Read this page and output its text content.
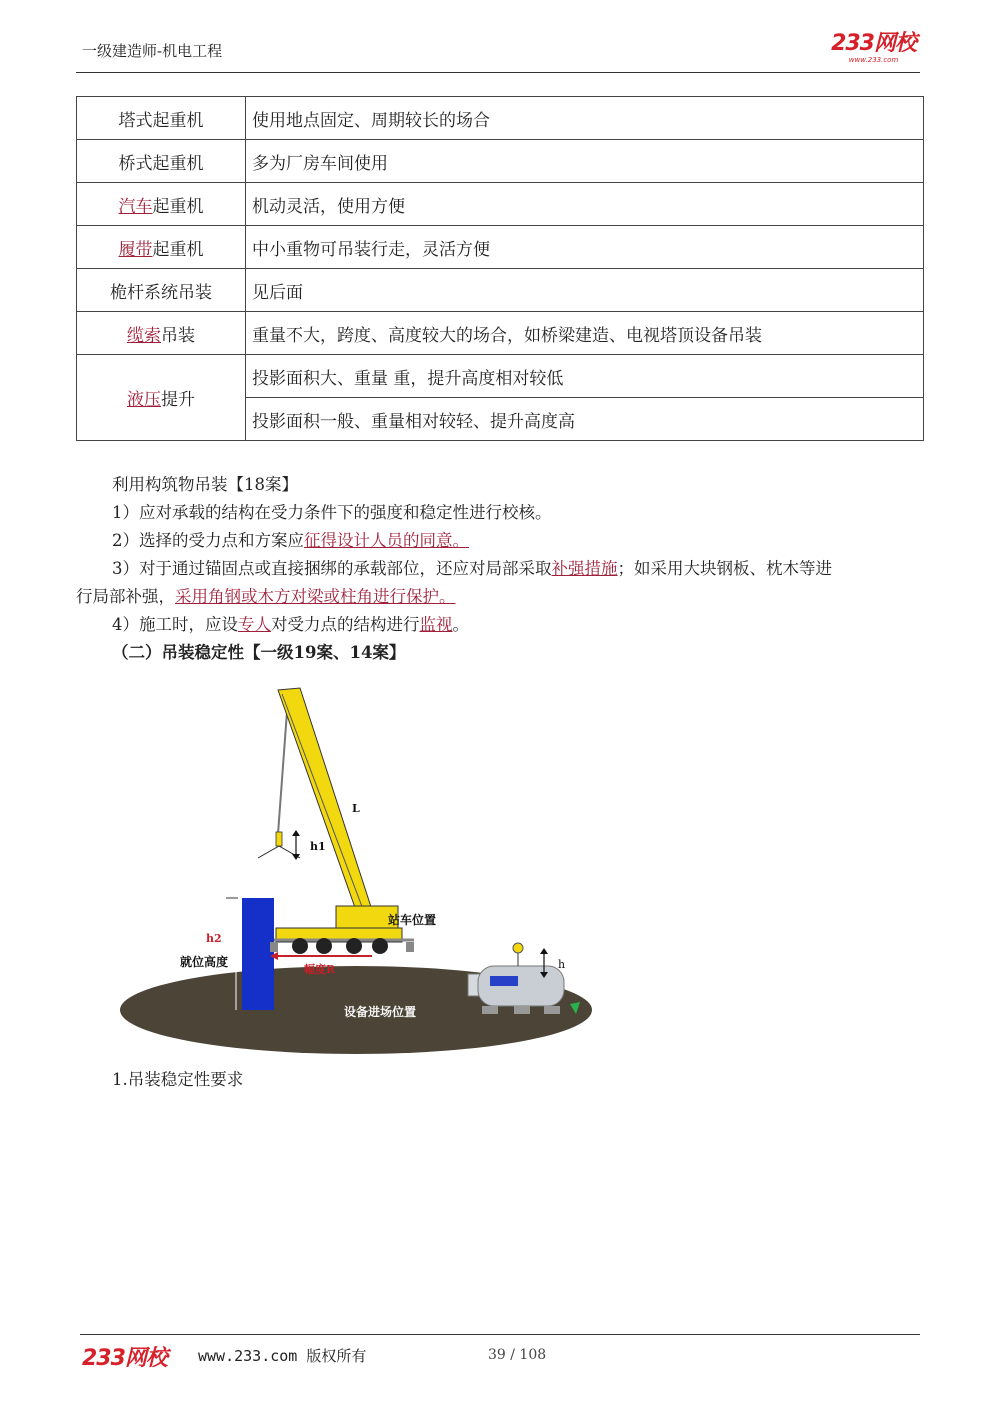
一级建造师-机电工程	233网校
www.233.com
塔式起重机	使用地点固定、周期较长的场合
桥式起重机	多为厂房车间使用
汽车起重机	机动灵活，使用方便
履带起重机	中小重物可吊装行走，灵活方便
桅杆系统吊装	见后面
缆索吊装	重量不大，跨度、高度较大的场合，如桥梁建造、电视塔顶设备吊装
液压提升	投影面积大、重量 重，提升高度相对较低
	投影面积一般、重量相对较轻、提升高度高
利用构筑物吊装【18案】
1）应对承载的结构在受力条件下的强度和稳定性进行校核。
2）选择的受力点和方案应征得设计人员的同意。
3）对于通过锚固点或直接捆绑的承载部位，还应对局部采取补强措施；如采用大块钢板、枕木等进
行局部补强，采用角钢或木方对梁或柱角进行保护。
4）施工时，应设专人对受力点的结构进行监视。
（二）吊装稳定性【一级19案、14案】
h2
就位高度
幅度R
h1
L
站车位置
h
设备进场位置
1.吊装稳定性要求
233网校 www.233.com 版权所有	39 / 108
